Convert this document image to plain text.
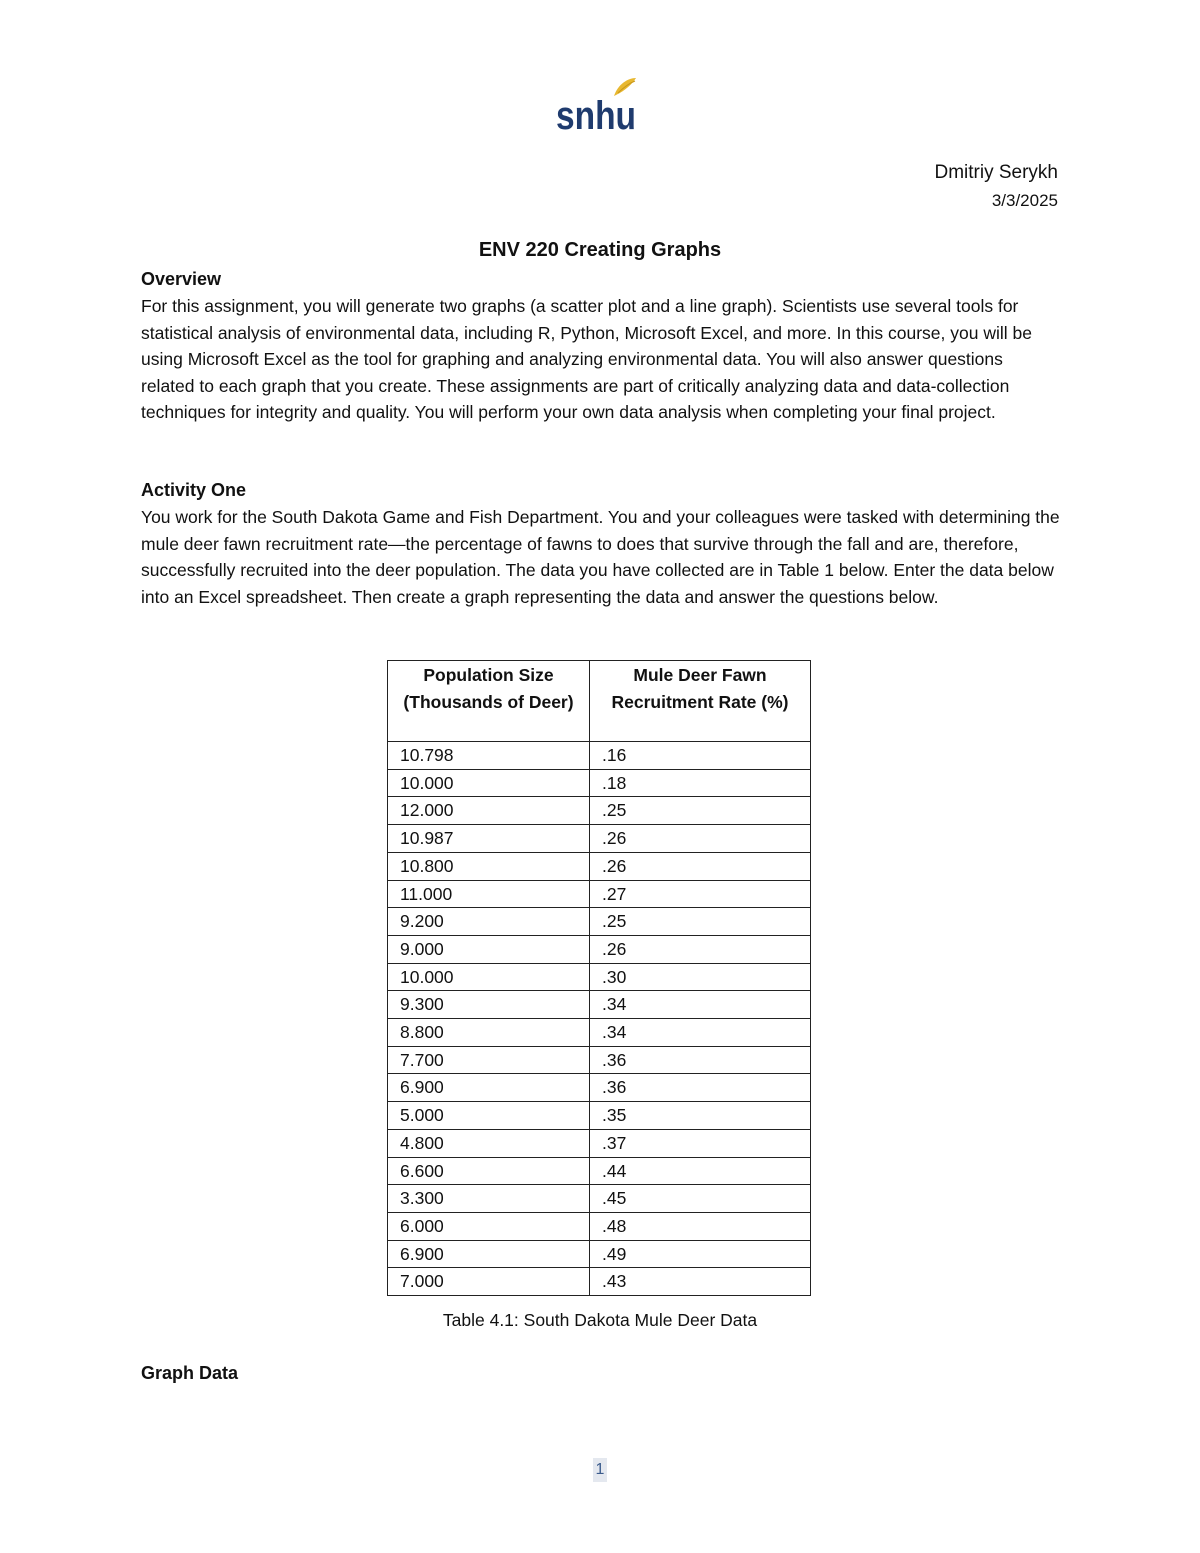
snhu
Dmitriy Serykh
3/3/2025
ENV 220 Creating Graphs
Overview
For this assignment, you will generate two graphs (a scatter plot and a line graph). Scientists use several tools for statistical analysis of environmental data, including R, Python, Microsoft Excel, and more. In this course, you will be using Microsoft Excel as the tool for graphing and analyzing environmental data. You will also answer questions related to each graph that you create. These assignments are part of critically analyzing data and data-collection techniques for integrity and quality. You will perform your own data analysis when completing your final project.
Activity One
You work for the South Dakota Game and Fish Department. You and your colleagues were tasked with determining the mule deer fawn recruitment rate—the percentage of fawns to does that survive through the fall and are, therefore, successfully recruited into the deer population. The data you have collected are in Table 1 below. Enter the data below into an Excel spreadsheet. Then create a graph representing the data and answer the questions below.
Population Size (Thousands of Deer)	Mule Deer Fawn Recruitment Rate (%)
10.798	.16
10.000	.18
12.000	.25
10.987	.26
10.800	.26
11.000	.27
9.200	.25
9.000	.26
10.000	.30
9.300	.34
8.800	.34
7.700	.36
6.900	.36
5.000	.35
4.800	.37
6.600	.44
3.300	.45
6.000	.48
6.900	.49
7.000	.43
Table 4.1: South Dakota Mule Deer Data
Graph Data
1
